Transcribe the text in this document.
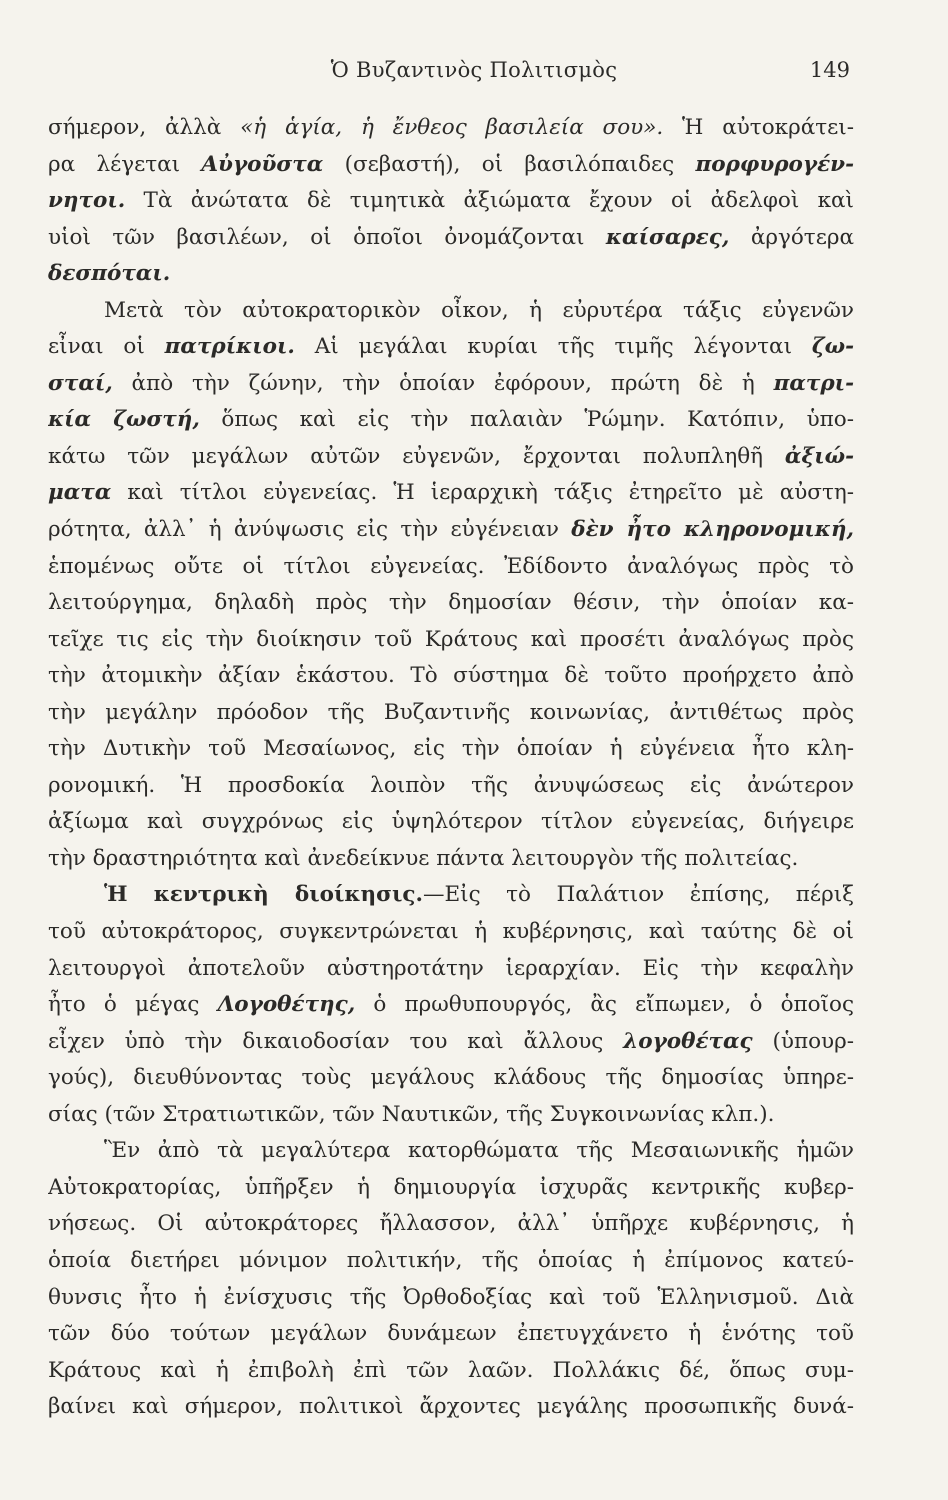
Ὁ Βυζαντινὸς Πολιτισμὸς	149
σήμερον, ἀλλὰ «ἡ ἁγία, ἡ ἔνθεος βασιλεία σου». Ἡ αὐτοκράτει-
ρα λέγεται Αὐγοῦστα (σεβαστή), οἱ βασιλόπαιδες πορφυρογέν-
νητοι. Τὰ ἀνώτατα δὲ τιμητικὰ ἀξιώματα ἔχουν οἱ ἀδελφοὶ καὶ
υἱοὶ τῶν βασιλέων, οἱ ὁποῖοι ὀνομάζονται καίσαρες, ἀργότερα
δεσπόται.
Μετὰ τὸν αὐτοκρατορικὸν οἶκον, ἡ εὐρυτέρα τάξις εὐγενῶν
εἶναι οἱ πατρίκιοι. Αἱ μεγάλαι κυρίαι τῆς τιμῆς λέγονται ζω-
σταί, ἀπὸ τὴν ζώνην, τὴν ὁποίαν ἐφόρουν, πρώτη δὲ ἡ πατρι-
κία ζωστή, ὅπως καὶ εἰς τὴν παλαιὰν Ῥώμην. Κατόπιν, ὑπο-
κάτω τῶν μεγάλων αὐτῶν εὐγενῶν, ἔρχονται πολυπληθῆ ἀξιώ-
ματα καὶ τίτλοι εὐγενείας. Ἡ ἱεραρχικὴ τάξις ἐτηρεῖτο μὲ αὐστη-
ρότητα, ἀλλ᾿ ἡ ἀνύψωσις εἰς τὴν εὐγένειαν δὲν ἦτο κληρονομική,
ἑπομένως οὔτε οἱ τίτλοι εὐγενείας. Ἐδίδοντο ἀναλόγως πρὸς τὸ
λειτούργημα, δηλαδὴ πρὸς τὴν δημοσίαν θέσιν, τὴν ὁποίαν κα-
τεῖχε τις εἰς τὴν διοίκησιν τοῦ Κράτους καὶ προσέτι ἀναλόγως πρὸς
τὴν ἀτομικὴν ἀξίαν ἑκάστου. Τὸ σύστημα δὲ τοῦτο προήρχετο ἀπὸ
τὴν μεγάλην πρόοδον τῆς Βυζαντινῆς κοινωνίας, ἀντιθέτως πρὸς
τὴν Δυτικὴν τοῦ Μεσαίωνος, εἰς τὴν ὁποίαν ἡ εὐγένεια ἦτο κλη-
ρονομική. Ἡ προσδοκία λοιπὸν τῆς ἀνυψώσεως εἰς ἀνώτερον
ἀξίωμα καὶ συγχρόνως εἰς ὑψηλότερον τίτλον εὐγενείας, διήγειρε
τὴν δραστηριότητα καὶ ἀνεδείκνυε πάντα λειτουργὸν τῆς πολιτείας.
Ἡ κεντρικὴ διοίκησις.—Εἰς τὸ Παλάτιον ἐπίσης, πέριξ
τοῦ αὐτοκράτορος, συγκεντρώνεται ἡ κυβέρνησις, καὶ ταύτης δὲ οἱ
λειτουργοὶ ἀποτελοῦν αὐστηροτάτην ἱεραρχίαν. Εἰς τὴν κεφαλὴν
ἦτο ὁ μέγας Λογοθέτης, ὁ πρωθυπουργός, ἂς εἴπωμεν, ὁ ὁποῖος
εἶχεν ὑπὸ τὴν δικαιοδοσίαν του καὶ ἄλλους λογοθέτας (ὑπουρ-
γούς), διευθύνοντας τοὺς μεγάλους κλάδους τῆς δημοσίας ὑπηρε-
σίας (τῶν Στρατιωτικῶν, τῶν Ναυτικῶν, τῆς Συγκοινωνίας κλπ.).
Ἓν ἀπὸ τὰ μεγαλύτερα κατορθώματα τῆς Μεσαιωνικῆς ἡμῶν
Αὐτοκρατορίας, ὑπῆρξεν ἡ δημιουργία ἰσχυρᾶς κεντρικῆς κυβερ-
νήσεως. Οἱ αὐτοκράτορες ἤλλασσον, ἀλλ᾿ ὑπῆρχε κυβέρνησις, ἡ
ὁποία διετήρει μόνιμον πολιτικήν, τῆς ὁποίας ἡ ἐπίμονος κατεύ-
θυνσις ἦτο ἡ ἐνίσχυσις τῆς Ὀρθοδοξίας καὶ τοῦ Ἑλληνισμοῦ. Διὰ
τῶν δύο τούτων μεγάλων δυνάμεων ἐπετυγχάνετο ἡ ἑνότης τοῦ
Κράτους καὶ ἡ ἐπιβολὴ ἐπὶ τῶν λαῶν. Πολλάκις δέ, ὅπως συμ-
βαίνει καὶ σήμερον, πολιτικοὶ ἄρχοντες μεγάλης προσωπικῆς δυνά-
